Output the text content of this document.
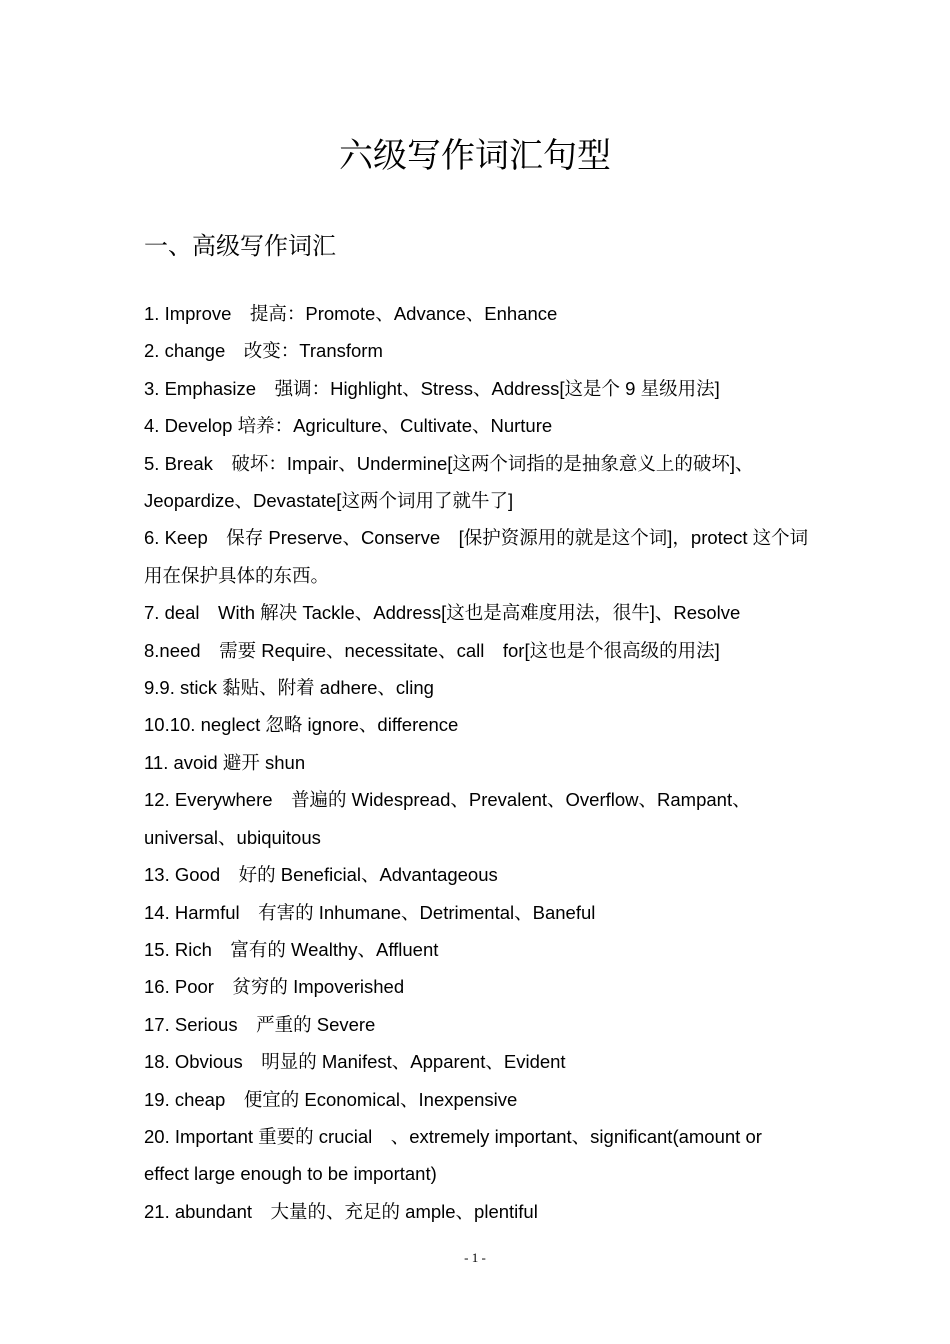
六级写作词汇句型
一、高级写作词汇
1. Improve　提高：Promote、Advance、Enhance
2. change　改变：Transform
3. Emphasize　强调：Highlight、Stress、Address[这是个 9 星级用法]
4. Develop 培养：Agriculture、Cultivate、Nurture
5. Break　破坏：Impair、Undermine[这两个词指的是抽象意义上的破坏]、Jeopardize、Devastate[这两个词用了就牛了]
6. Keep　保存 Preserve、Conserve　[保护资源用的就是这个词]，protect 这个词用在保护具体的东西。
7. deal　With 解决 Tackle、Address[这也是高难度用法，很牛]、Resolve
8.need　需要 Require、necessitate、call　for[这也是个很高级的用法]
9.9. stick 黏贴、附着 adhere、cling
10.10. neglect 忽略 ignore、difference
11. avoid 避开 shun
12. Everywhere　普遍的 Widespread、Prevalent、Overflow、Rampant、universal、ubiquitous
13. Good　好的 Beneficial、Advantageous
14. Harmful　有害的 Inhumane、Detrimental、Baneful
15. Rich　富有的 Wealthy、Affluent
16. Poor　贫穷的 Impoverished
17. Serious　严重的 Severe
18. Obvious　明显的 Manifest、Apparent、Evident
19. cheap　便宜的 Economical、Inexpensive
20. Important 重要的 crucial　、extremely important、significant(amount or effect large enough to be important)
21. abundant　大量的、充足的 ample、plentiful
- 1 -
